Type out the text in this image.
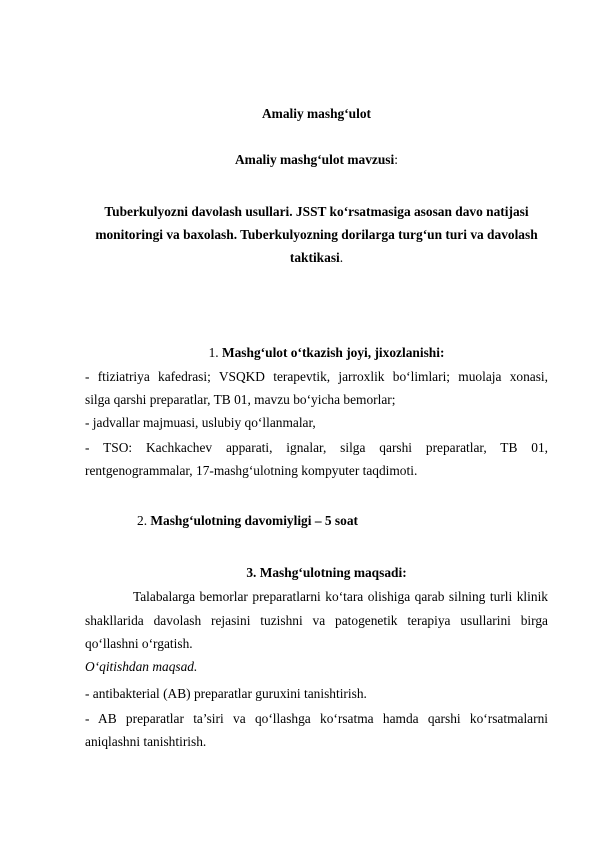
Amaliy mashg‘ulot
Amaliy mashg‘ulot mavzusi:
Tuberkulyozni davolash usullari. JSST ko‘rsatmasiga asosan davo natijasi
monitoringi va baxolash. Tuberkulyozning dorilarga turg‘un turi va davolash
taktikasi.
1. Mashg‘ulot o‘tkazish joyi, jixozlanishi:
- ftiziatriya kafedrasi; VSQKD terapevtik, jarroxlik bo‘limlari; muolaja xonasi,
silga qarshi preparatlar, TB 01, mavzu bo‘yicha bemorlar;
- jadvallar majmuasi, uslubiy qo‘llanmalar,
- TSO: Kachkachev apparati, ignalar, silga qarshi preparatlar, TB 01,
rentgenogrammalar, 17-mashg‘ulotning kompyuter taqdimoti.
2. Mashg‘ulotning davomiyligi – 5 soat
3. Mashg‘ulotning maqsadi:
Talabalarga bemorlar preparatlarni ko‘tara olishiga qarab silning turli klinik
shakllarida davolash rejasini tuzishni va patogenetik terapiya usullarini birga
qo‘llashni o‘rgatish.
O‘qitishdan maqsad.
- antibakterial (AB) preparatlar guruxini tanishtirish.
- AB preparatlar ta’siri va qo‘llashga ko‘rsatma hamda qarshi ko‘rsatmalarni
aniqlashni tanishtirish.
